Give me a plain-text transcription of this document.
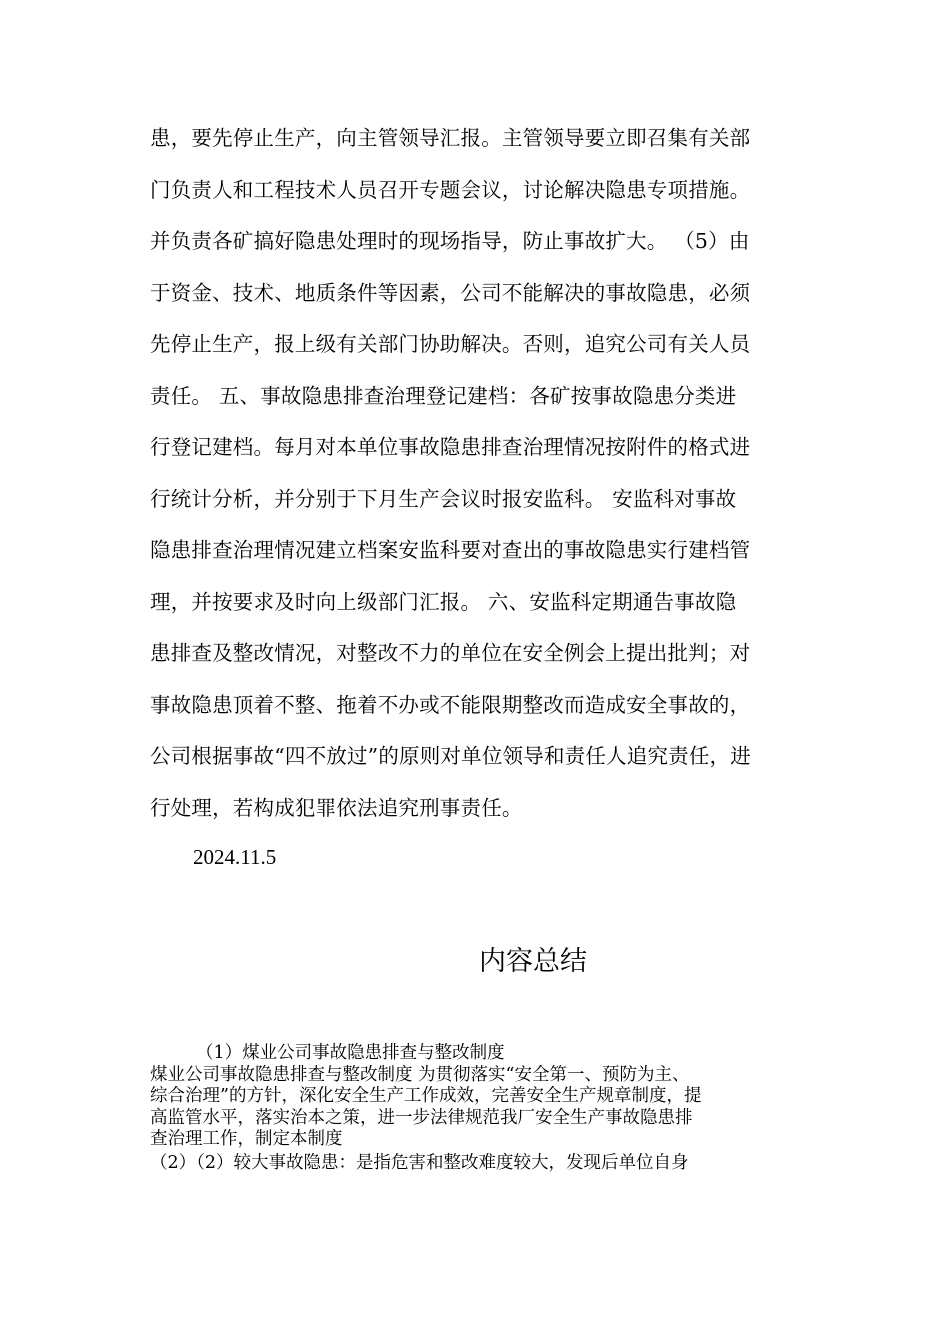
患，要先停止生产，向主管领导汇报。主管领导要立即召集有关部
门负责人和工程技术人员召开专题会议，讨论解决隐患专项措施。
并负责各矿搞好隐患处理时的现场指导，防止事故扩大。 （5）由
于资金、技术、地质条件等因素，公司不能解决的事故隐患，必须
先停止生产，报上级有关部门协助解决。否则，追究公司有关人员
责任。 五、事故隐患排查治理登记建档：各矿按事故隐患分类进
行登记建档。每月对本单位事故隐患排查治理情况按附件的格式进
行统计分析，并分别于下月生产会议时报安监科。 安监科对事故
隐患排查治理情况建立档案安监科要对查出的事故隐患实行建档管
理，并按要求及时向上级部门汇报。 六、安监科定期通告事故隐
患排查及整改情况，对整改不力的单位在安全例会上提出批判；对
事故隐患顶着不整、拖着不办或不能限期整改而造成安全事故的，
公司根据事故“四不放过”的原则对单位领导和责任人追究责任，进
行处理，若构成犯罪依法追究刑事责任。
2024.11.5
内容总结
（1）煤业公司事故隐患排查与整改制度
煤业公司事故隐患排查与整改制度 为贯彻落实“安全第一、预防为主、
综合治理”的方针，深化安全生产工作成效，完善安全生产规章制度，提
高监管水平，落实治本之策，进一步法律规范我厂安全生产事故隐患排
查治理工作，制定本制度
（2）（2）较大事故隐患：是指危害和整改难度较大，发现后单位自身
